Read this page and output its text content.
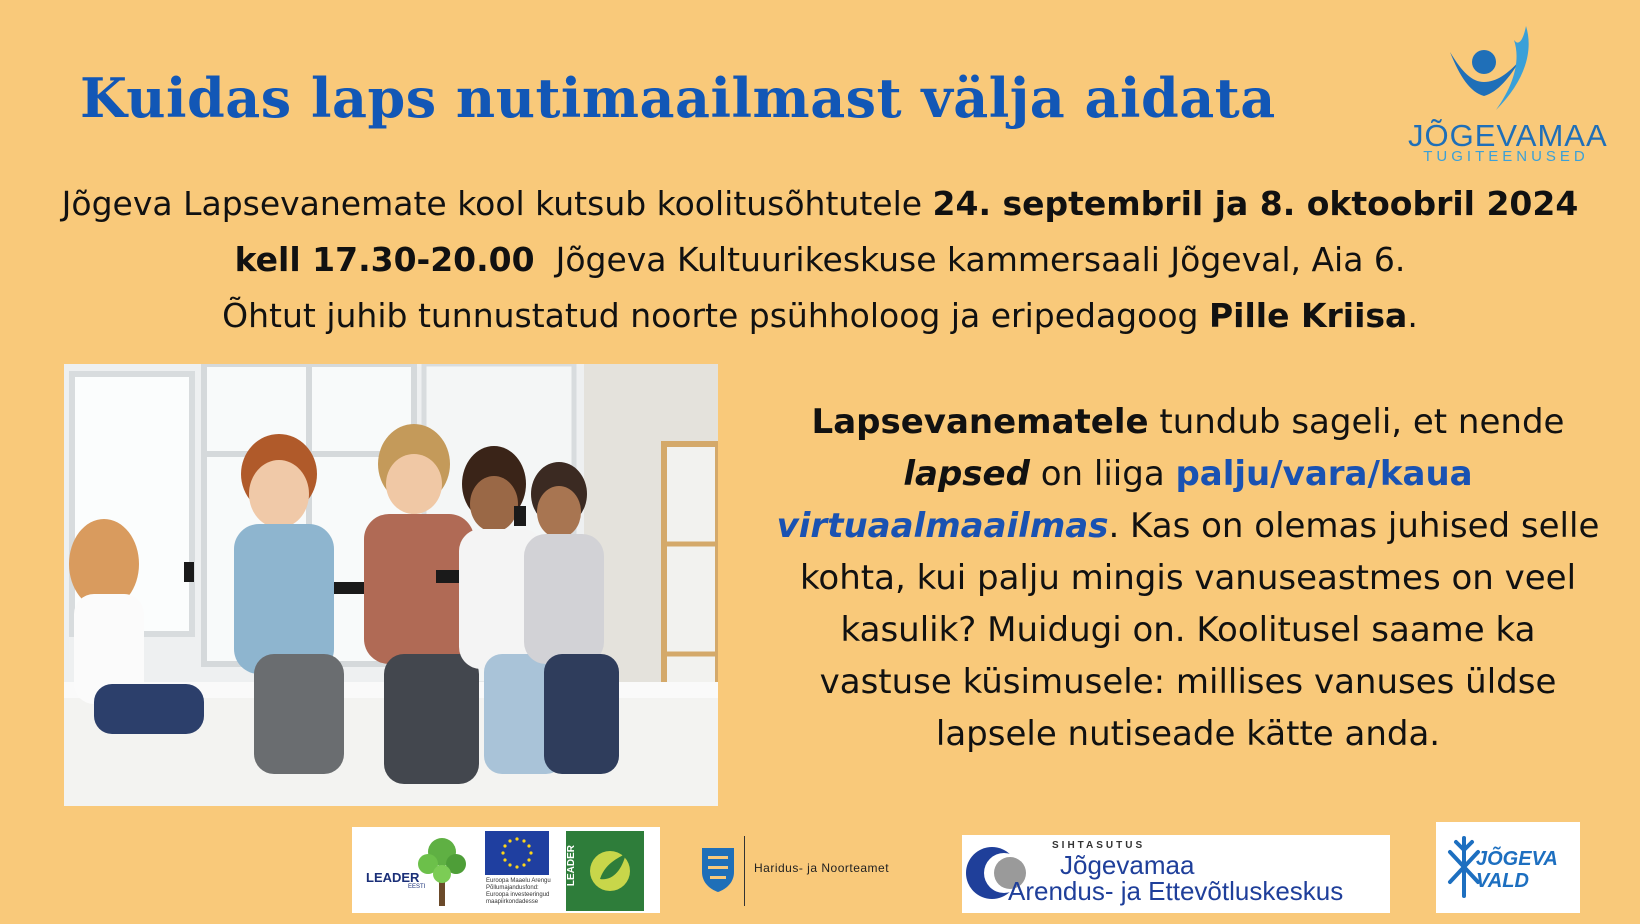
Kuidas laps nutimaailmast välja aidata
JÕGEVAMAA
TUGITEENUSED

Jõgeva Lapsevanemate kool kutsub koolitusõhtutele 24. septembril ja 8. oktoobril 2024

kell 17.30-20.00  Jõgeva Kultuurikeskuse kammersaali Jõgeval, Aia 6.

Õhtut juhib tunnustatud noorte psühholoog ja eripedagoog Pille Kriisa.

Lapsevanematele tundub sageli, et nende

lapsed on liiga palju/vara/kaua

virtuaalmaailmas. Kas on olemas juhised selle

kohta, kui palju mingis vanuseastmes on veel

kasulik? Muidugi on. Koolitusel saame ka

vastuse küsimusele: millises vanuses üldse

lapsele nutiseade kätte anda.

LEADER
EESTI
Euroopa Maaelu Arengu Põllumajandusfond: Euroopa investeeringud maapiirkondadesse
LEADER	Haridus- ja Noorteamet
SIHTASUTUS
Jõgevamaa
Arendus- ja Ettevõtluskeskus
JÕGEVA
VALD
